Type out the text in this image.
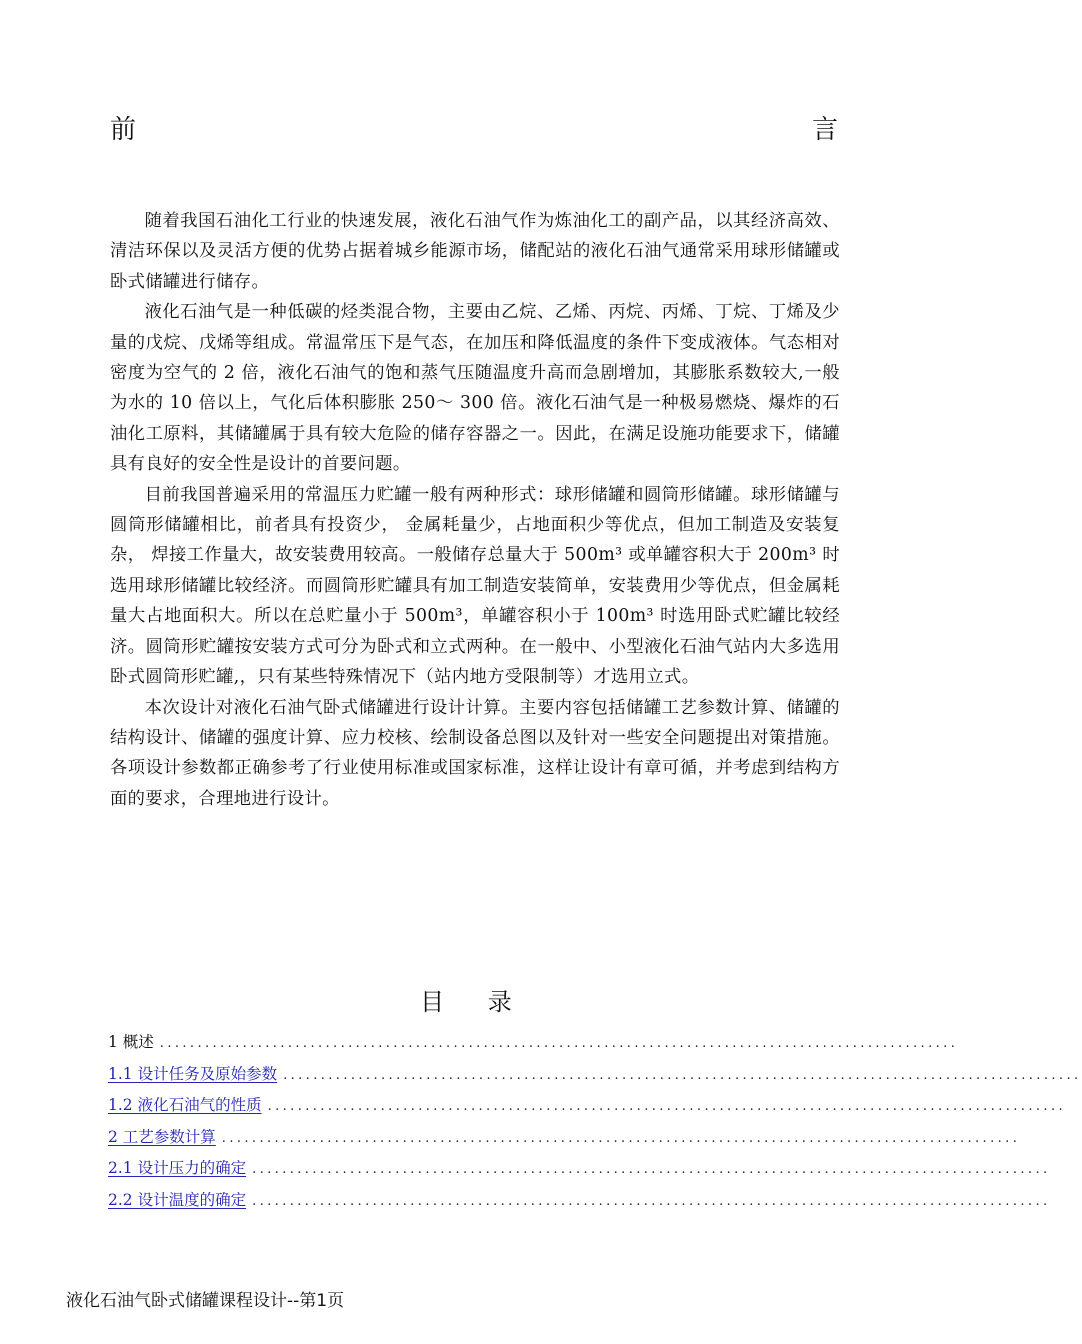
前	言

随着我国石油化工行业的快速发展，液化石油气作为炼油化工的副产品，以其经济高效、清洁环保以及灵活方便的优势占据着城乡能源市场，储配站的液化石油气通常采用球形储罐或卧式储罐进行储存。

液化石油气是一种低碳的烃类混合物，主要由乙烷、乙烯、丙烷、丙烯、丁烷、丁烯及少量的戊烷、戊烯等组成。常温常压下是气态，在加压和降低温度的条件下变成液体。气态相对密度为空气的 2 倍，液化石油气的饱和蒸气压随温度升高而急剧增加，其膨胀系数较大,一般为水的 10 倍以上，气化后体积膨胀 250～ 300 倍。液化石油气是一种极易燃烧、爆炸的石油化工原料，其储罐属于具有较大危险的储存容器之一。因此，在满足设施功能要求下，储罐具有良好的安全性是设计的首要问题。

目前我国普遍采用的常温压力贮罐一般有两种形式：球形储罐和圆筒形储罐。球形储罐与圆筒形储罐相比，前者具有投资少， 金属耗量少，占地面积少等优点，但加工制造及安装复杂， 焊接工作量大，故安装费用较高。一般储存总量大于 500m³ 或单罐容积大于 200m³ 时选用球形储罐比较经济。而圆筒形贮罐具有加工制造安装简单，安装费用少等优点，但金属耗量大占地面积大。所以在总贮量小于 500m³，单罐容积小于 100m³ 时选用卧式贮罐比较经济。圆筒形贮罐按安装方式可分为卧式和立式两种。在一般中、小型液化石油气站内大多选用卧式圆筒形贮罐,，只有某些特殊情况下（站内地方受限制等）才选用立式。

本次设计对液化石油气卧式储罐进行设计计算。主要内容包括储罐工艺参数计算、储罐的结构设计、储罐的强度计算、应力校核、绘制设备总图以及针对一些安全问题提出对策措施。各项设计参数都正确参考了行业使用标准或国家标准，这样让设计有章可循，并考虑到结构方面的要求，合理地进行设计。

目 录
1 概述 ..........................................................................................................
1.1 设计任务及原始参数 ..........................................................................................................
1.2 液化石油气的性质 ..........................................................................................................
2 工艺参数计算 ..........................................................................................................
2.1 设计压力的确定 ..........................................................................................................
2.2 设计温度的确定 ..........................................................................................................
液化石油气卧式储罐课程设计--第1页
